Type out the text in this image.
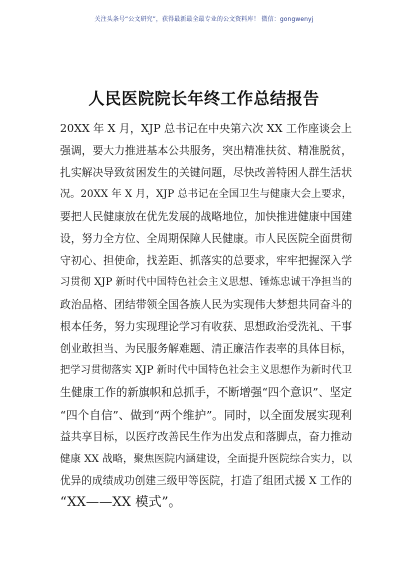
关注头条号“公文研究”，获得最新最全最专业的公文资料库！ 微信：gongwenyj
人民医院院长年终工作总结报告
20XX 年 X 月，XJP 总书记在中央第六次 XX 工作座谈会上
强调，要大力推进基本公共服务，突出精准扶贫、精准脱贫，
扎实解决导致贫困发生的关键问题，尽快改善特困人群生活状
况。20XX 年 X 月，XJP 总书记在全国卫生与健康大会上要求，
要把人民健康放在优先发展的战略地位，加快推进健康中国建
设，努力全方位、全周期保障人民健康。市人民医院全面贯彻
守初心、担使命，找差距、抓落实的总要求，牢牢把握深入学
习贯彻 XJP 新时代中国特色社会主义思想、锤炼忠诚干净担当的
政治品格、团结带领全国各族人民为实现伟大梦想共同奋斗的
根本任务，努力实现理论学习有收获、思想政治受洗礼、干事
创业敢担当、为民服务解难题、清正廉洁作表率的具体目标，
把学习贯彻落实 XJP 新时代中国特色社会主义思想作为新时代卫
生健康工作的新旗帜和总抓手，不断增强“四个意识”、坚定
“四个自信”、做到“两个维护”。同时，以全面发展实现利
益共享目标，以医疗改善民生作为出发点和落脚点，奋力推动
健康 XX 战略，聚焦医院内涵建设，全面提升医院综合实力，以
优异的成绩成功创建三级甲等医院，打造了组团式援 X 工作的
“XX——XX 模式”。
